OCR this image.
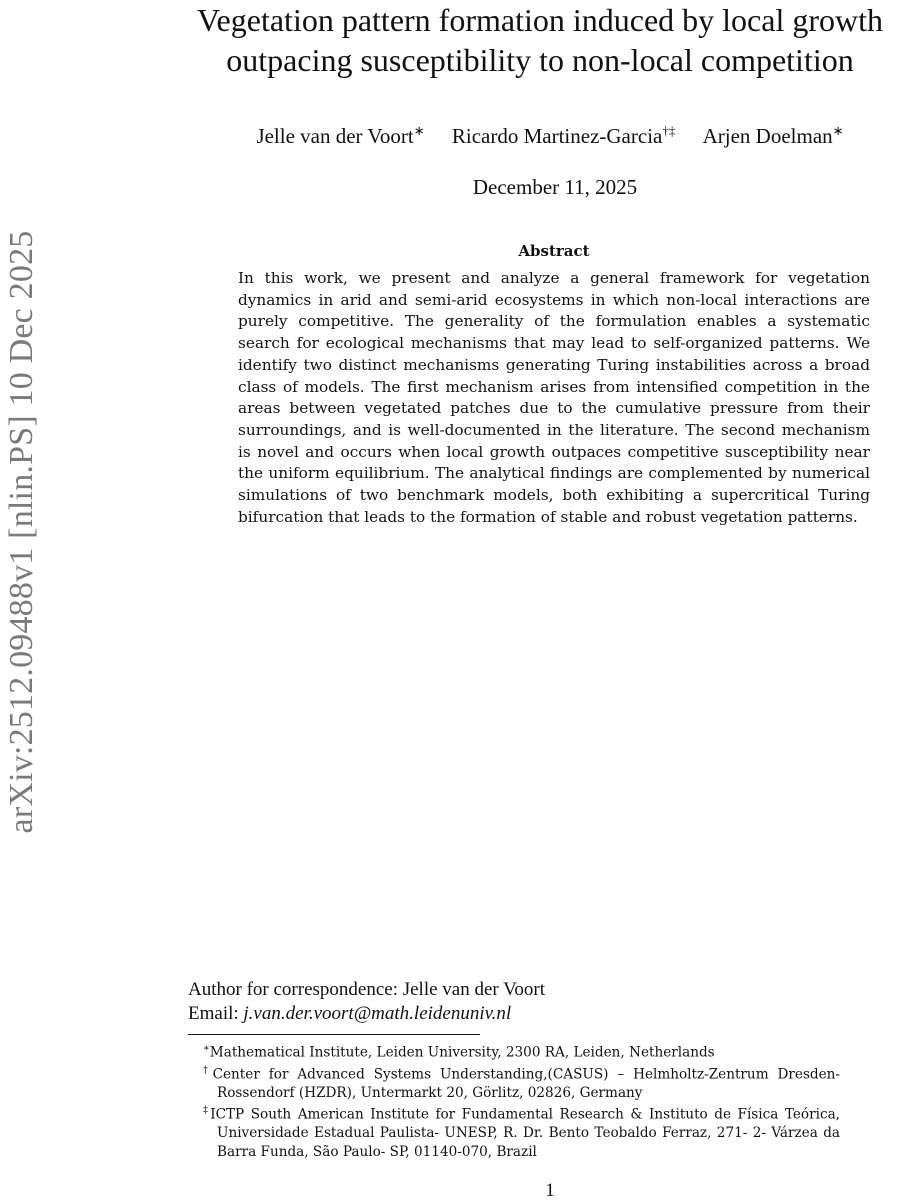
arXiv:2512.09488v1 [nlin.PS] 10 Dec 2025
Vegetation pattern formation induced by local growth
outpacing susceptibility to non-local competition
Jelle van der Voort∗ Ricardo Martinez-Garcia†‡ Arjen Doelman∗
December 11, 2025
Abstract

In this work, we present and analyze a general framework for vegetation dynamics in arid and semi-arid ecosystems in which non-local interactions are purely competitive. The generality of the formulation enables a systematic search for ecological mechanisms that may lead to self-organized patterns. We identify two distinct mechanisms generating Turing instabilities across a broad class of models. The first mechanism arises from intensified competition in the areas between vegetated patches due to the cumulative pressure from their surroundings, and is well-documented in the literature. The second mechanism is novel and occurs when local growth outpaces competitive susceptibility near the uniform equilibrium. The analytical findings are complemented by numerical simulations of two benchmark models, both exhibiting a supercritical Turing bifurcation that leads to the formation of stable and robust vegetation patterns.

Author for correspondence: Jelle van der Voort
Email: j.van.der.voort@math.leidenuniv.nl
∗Mathematical Institute, Leiden University, 2300 RA, Leiden, Netherlands
†Center for Advanced Systems Understanding,(CASUS) – Helmholtz-Zentrum Dresden-Rossendorf (HZDR), Untermarkt 20, Görlitz, 02826, Germany
‡ICTP South American Institute for Fundamental Research & Instituto de Física Teórica, Universidade Estadual Paulista- UNESP, R. Dr. Bento Teobaldo Ferraz, 271- 2- Várzea da Barra Funda, São Paulo- SP, 01140-070, Brazil
1
